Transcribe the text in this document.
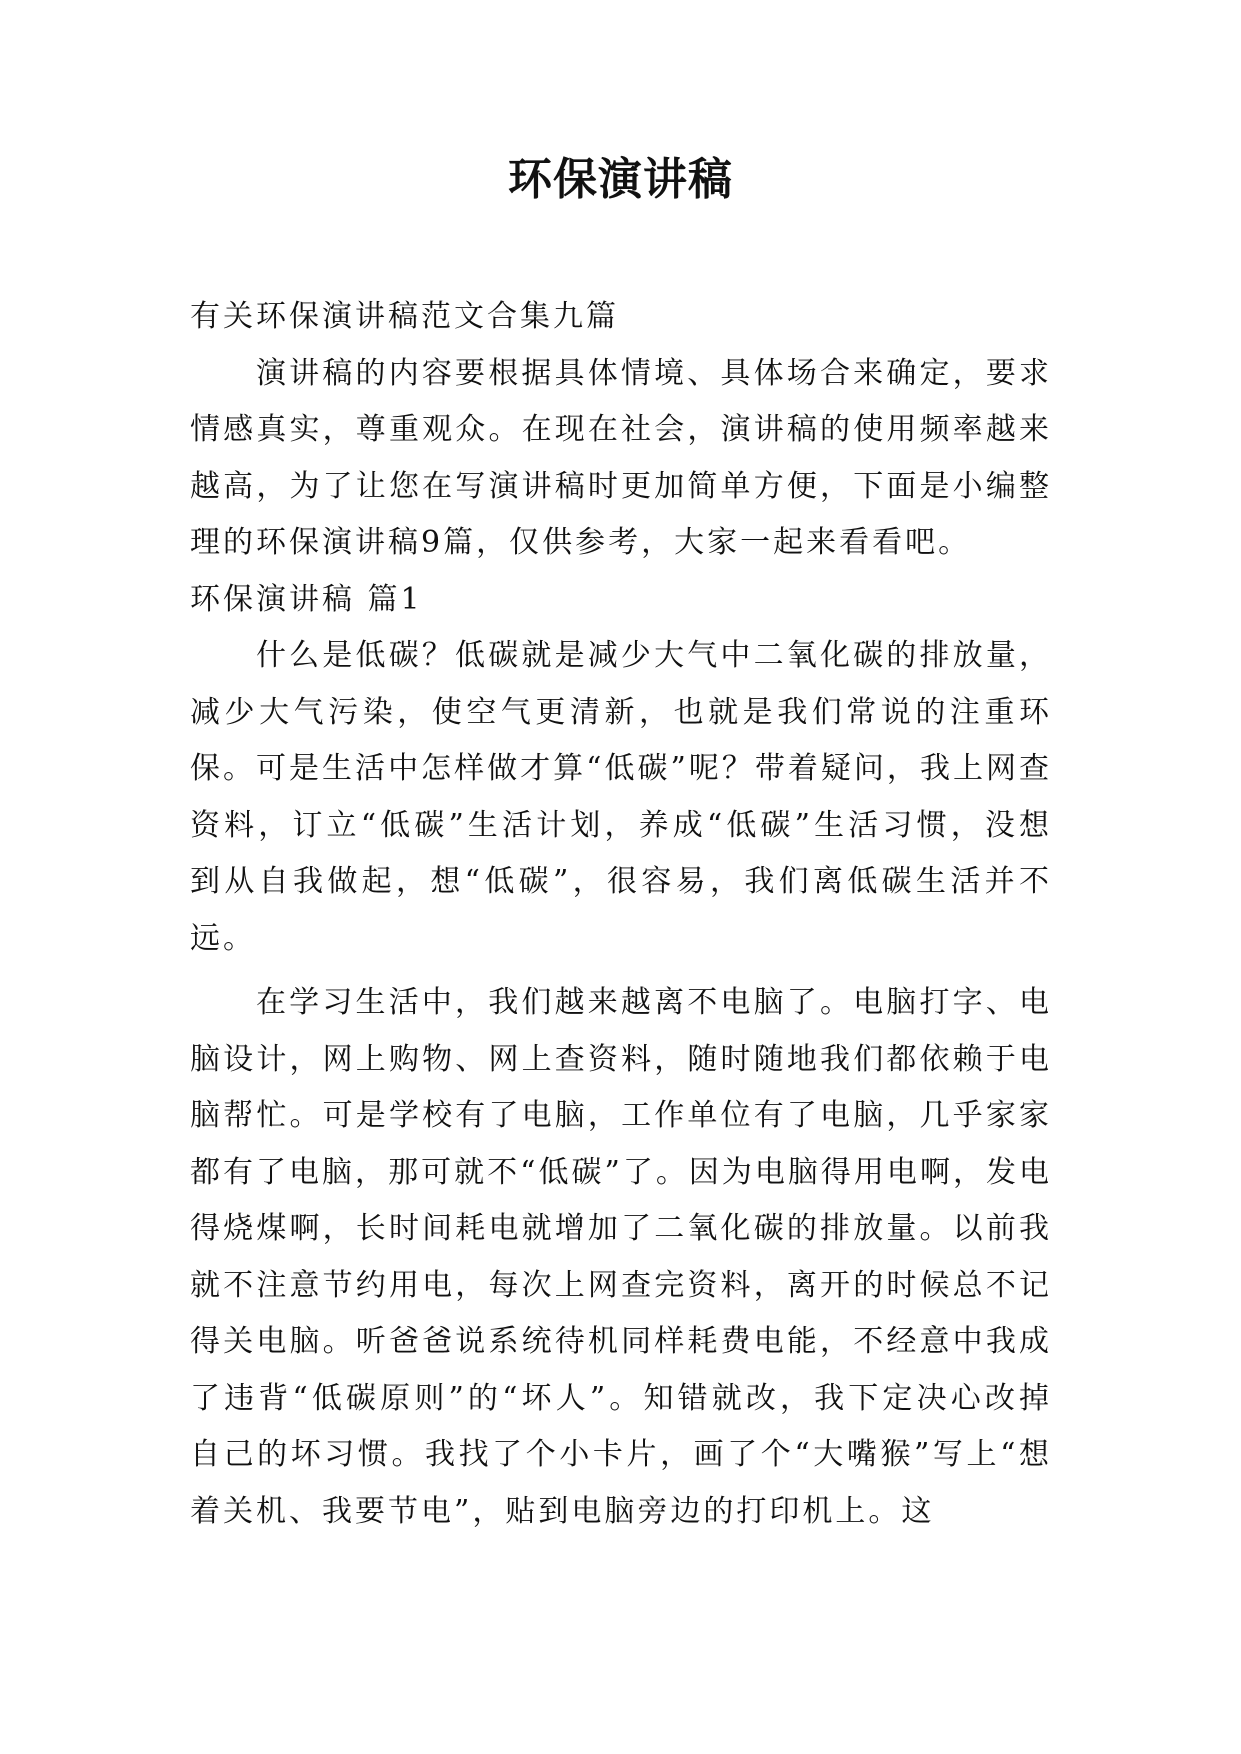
环保演讲稿

有关环保演讲稿范文合集九篇

演讲稿的内容要根据具体情境、具体场合来确定，要求情感真实，尊重观众。在现在社会，演讲稿的使用频率越来越高，为了让您在写演讲稿时更加简单方便，下面是小编整理的环保演讲稿9篇，仅供参考，大家一起来看看吧。

环保演讲稿 篇1

什么是低碳？低碳就是减少大气中二氧化碳的排放量，减少大气污染，使空气更清新，也就是我们常说的注重环保。可是生活中怎样做才算“低碳”呢？带着疑问，我上网查资料，订立“低碳”生活计划，养成“低碳”生活习惯，没想到从自我做起，想“低碳”，很容易，我们离低碳生活并不远。

在学习生活中，我们越来越离不电脑了。电脑打字、电脑设计，网上购物、网上查资料，随时随地我们都依赖于电脑帮忙。可是学校有了电脑，工作单位有了电脑，几乎家家都有了电脑，那可就不“低碳”了。因为电脑得用电啊，发电得烧煤啊，长时间耗电就增加了二氧化碳的排放量。以前我就不注意节约用电，每次上网查完资料，离开的时候总不记得关电脑。听爸爸说系统待机同样耗费电能，不经意中我成了违背“低碳原则”的“坏人”。知错就改，我下定决心改掉自己的坏习惯。我找了个小卡片，画了个“大嘴猴”写上“想着关机、我要节电”，贴到电脑旁边的打印机上。这
